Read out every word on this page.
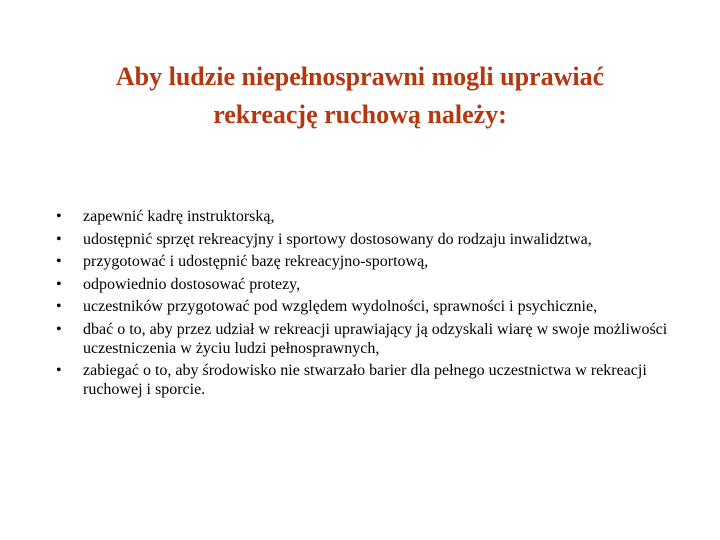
Aby ludzie niepełnosprawni mogli uprawiać
rekreację ruchową należy:
• zapewnić kadrę instruktorską,
• udostępnić sprzęt rekreacyjny i sportowy dostosowany do rodzaju inwalidztwa,
• przygotować i udostępnić bazę rekreacyjno-sportową,
• odpowiednio dostosować protezy,
• uczestników przygotować pod względem wydolności, sprawności i psychicznie,
• dbać o to, aby przez udział w rekreacji uprawiający ją odzyskali wiarę w swoje możliwości uczestniczenia w życiu ludzi pełnosprawnych,
• zabiegać o to, aby środowisko nie stwarzało barier dla pełnego uczestnictwa w rekreacji ruchowej i sporcie.
